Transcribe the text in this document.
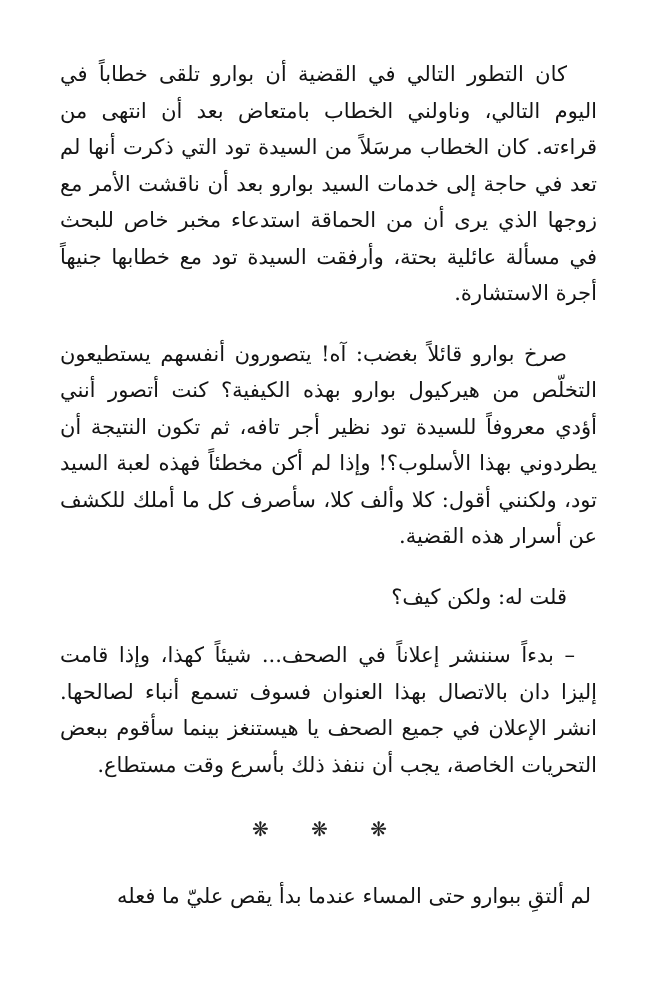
كان التطور التالي في القضية أن بوارو تلقى خطاباً في اليوم التالي، وناولني الخطاب بامتعاض بعد أن انتهى من قراءته. كان الخطاب مرسَلاً من السيدة تود التي ذكرت أنها لم تعد في حاجة إلى خدمات السيد بوارو بعد أن ناقشت الأمر مع زوجها الذي يرى أن من الحماقة استدعاء مخبر خاص للبحث في مسألة عائلية بحتة، وأرفقت السيدة تود مع خطابها جنيهاً أجرة الاستشارة.

صرخ بوارو قائلاً بغضب: آه! يتصورون أنفسهم يستطيعون التخلّص من هيركيول بوارو بهذه الكيفية؟ كنت أتصور أنني أؤدي معروفاً للسيدة تود نظير أجر تافه، ثم تكون النتيجة أن يطردوني بهذا الأسلوب؟! وإذا لم أكن مخطئاً فهذه لعبة السيد تود، ولكنني أقول: كلا وألف كلا، سأصرف كل ما أملك للكشف عن أسرار هذه القضية.

قلت له: ولكن كيف؟

– بدءاً سننشر إعلاناً في الصحف... شيئاً كهذا، وإذا قامت إليزا دان بالاتصال بهذا العنوان فسوف تسمع أنباء لصالحها. انشر الإعلان في جميع الصحف يا هيستنغز بينما سأقوم ببعض التحريات الخاصة، يجب أن ننفذ ذلك بأسرع وقت مستطاع.

❋ ❋ ❋

لم ألتقِ ببوارو حتى المساء عندما بدأ يقص عليّ ما فعله
